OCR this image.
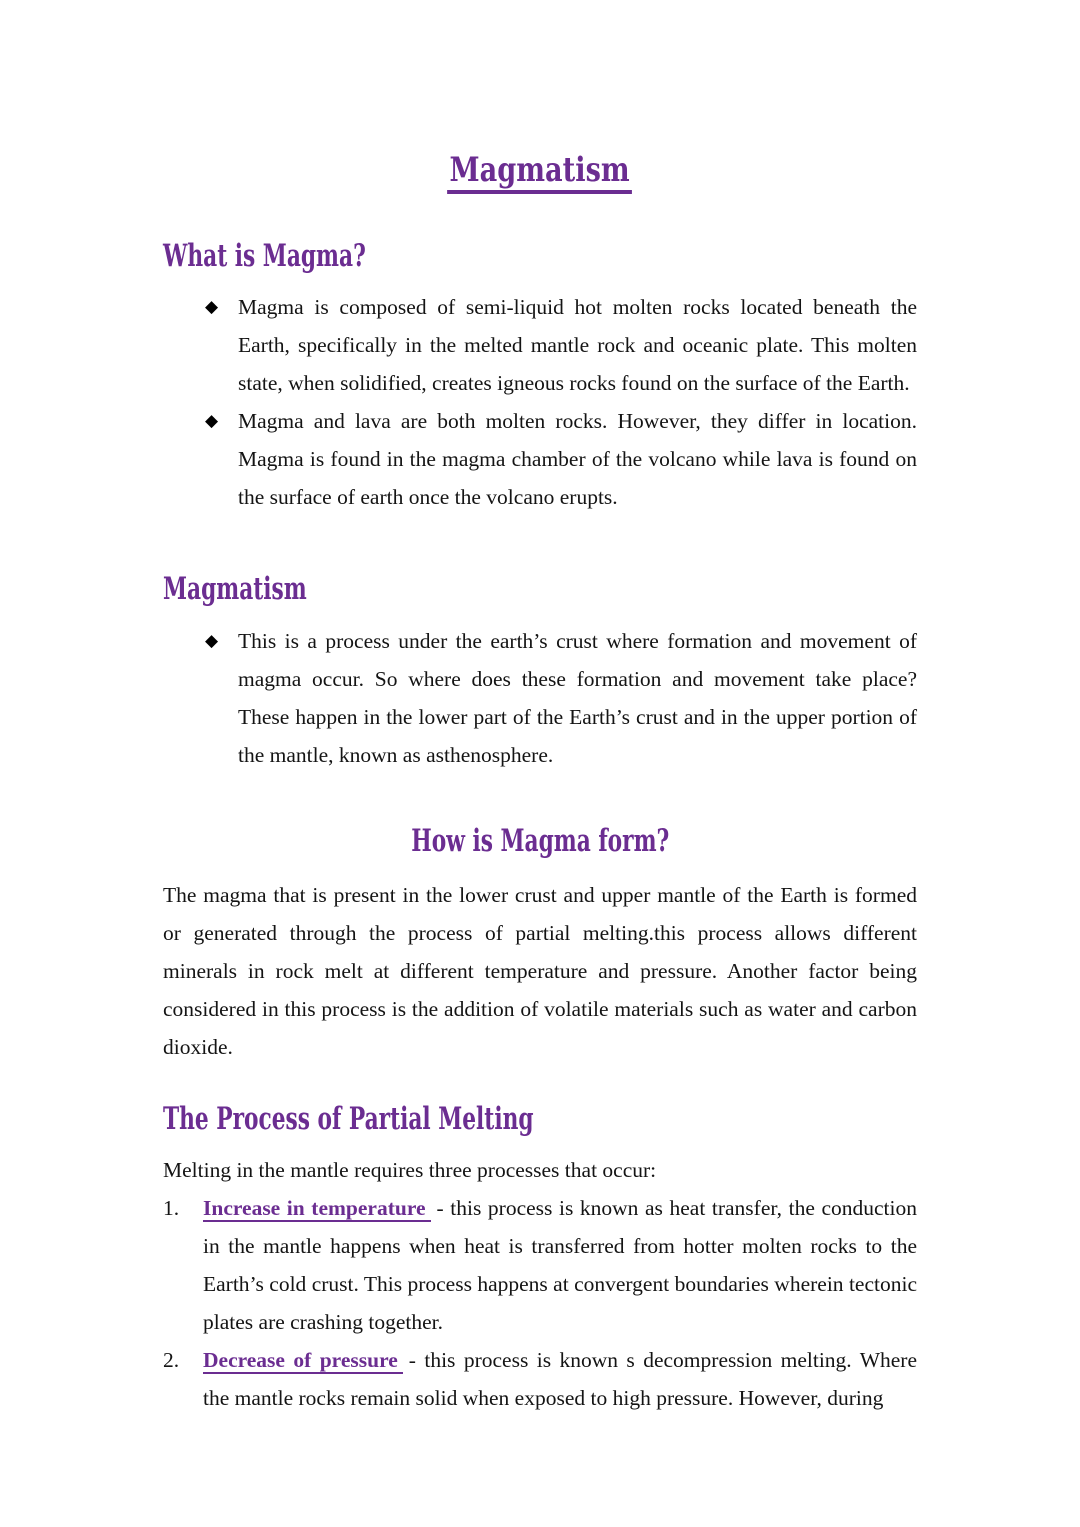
Magmatism
What is Magma?
◆ Magma is composed of semi-liquid hot molten rocks located beneath the Earth, specifically in the melted mantle rock and oceanic plate. This molten state, when solidified, creates igneous rocks found on the surface of the Earth.
◆ Magma and lava are both molten rocks. However, they differ in location. Magma is found in the magma chamber of the volcano while lava is found on the surface of earth once the volcano erupts.
Magmatism
◆ This is a process under the earth’s crust where formation and movement of magma occur. So where does these formation and movement take place? These happen in the lower part of the Earth’s crust and in the upper portion of the mantle, known as asthenosphere.
How is Magma form?

The magma that is present in the lower crust and upper mantle of the Earth is formed or generated through the process of partial melting.this process allows different minerals in rock melt at different temperature and pressure. Another factor being considered in this process is the addition of volatile materials such as water and carbon dioxide.

The Process of Partial Melting

Melting in the mantle requires three processes that occur:

1. Increase in temperature - this process is known as heat transfer, the conduction in the mantle happens when heat is transferred from hotter molten rocks to the Earth’s cold crust. This process happens at convergent boundaries wherein tectonic plates are crashing together.
2. Decrease of pressure - this process is known s decompression melting. Where the mantle rocks remain solid when exposed to high pressure. However, during
